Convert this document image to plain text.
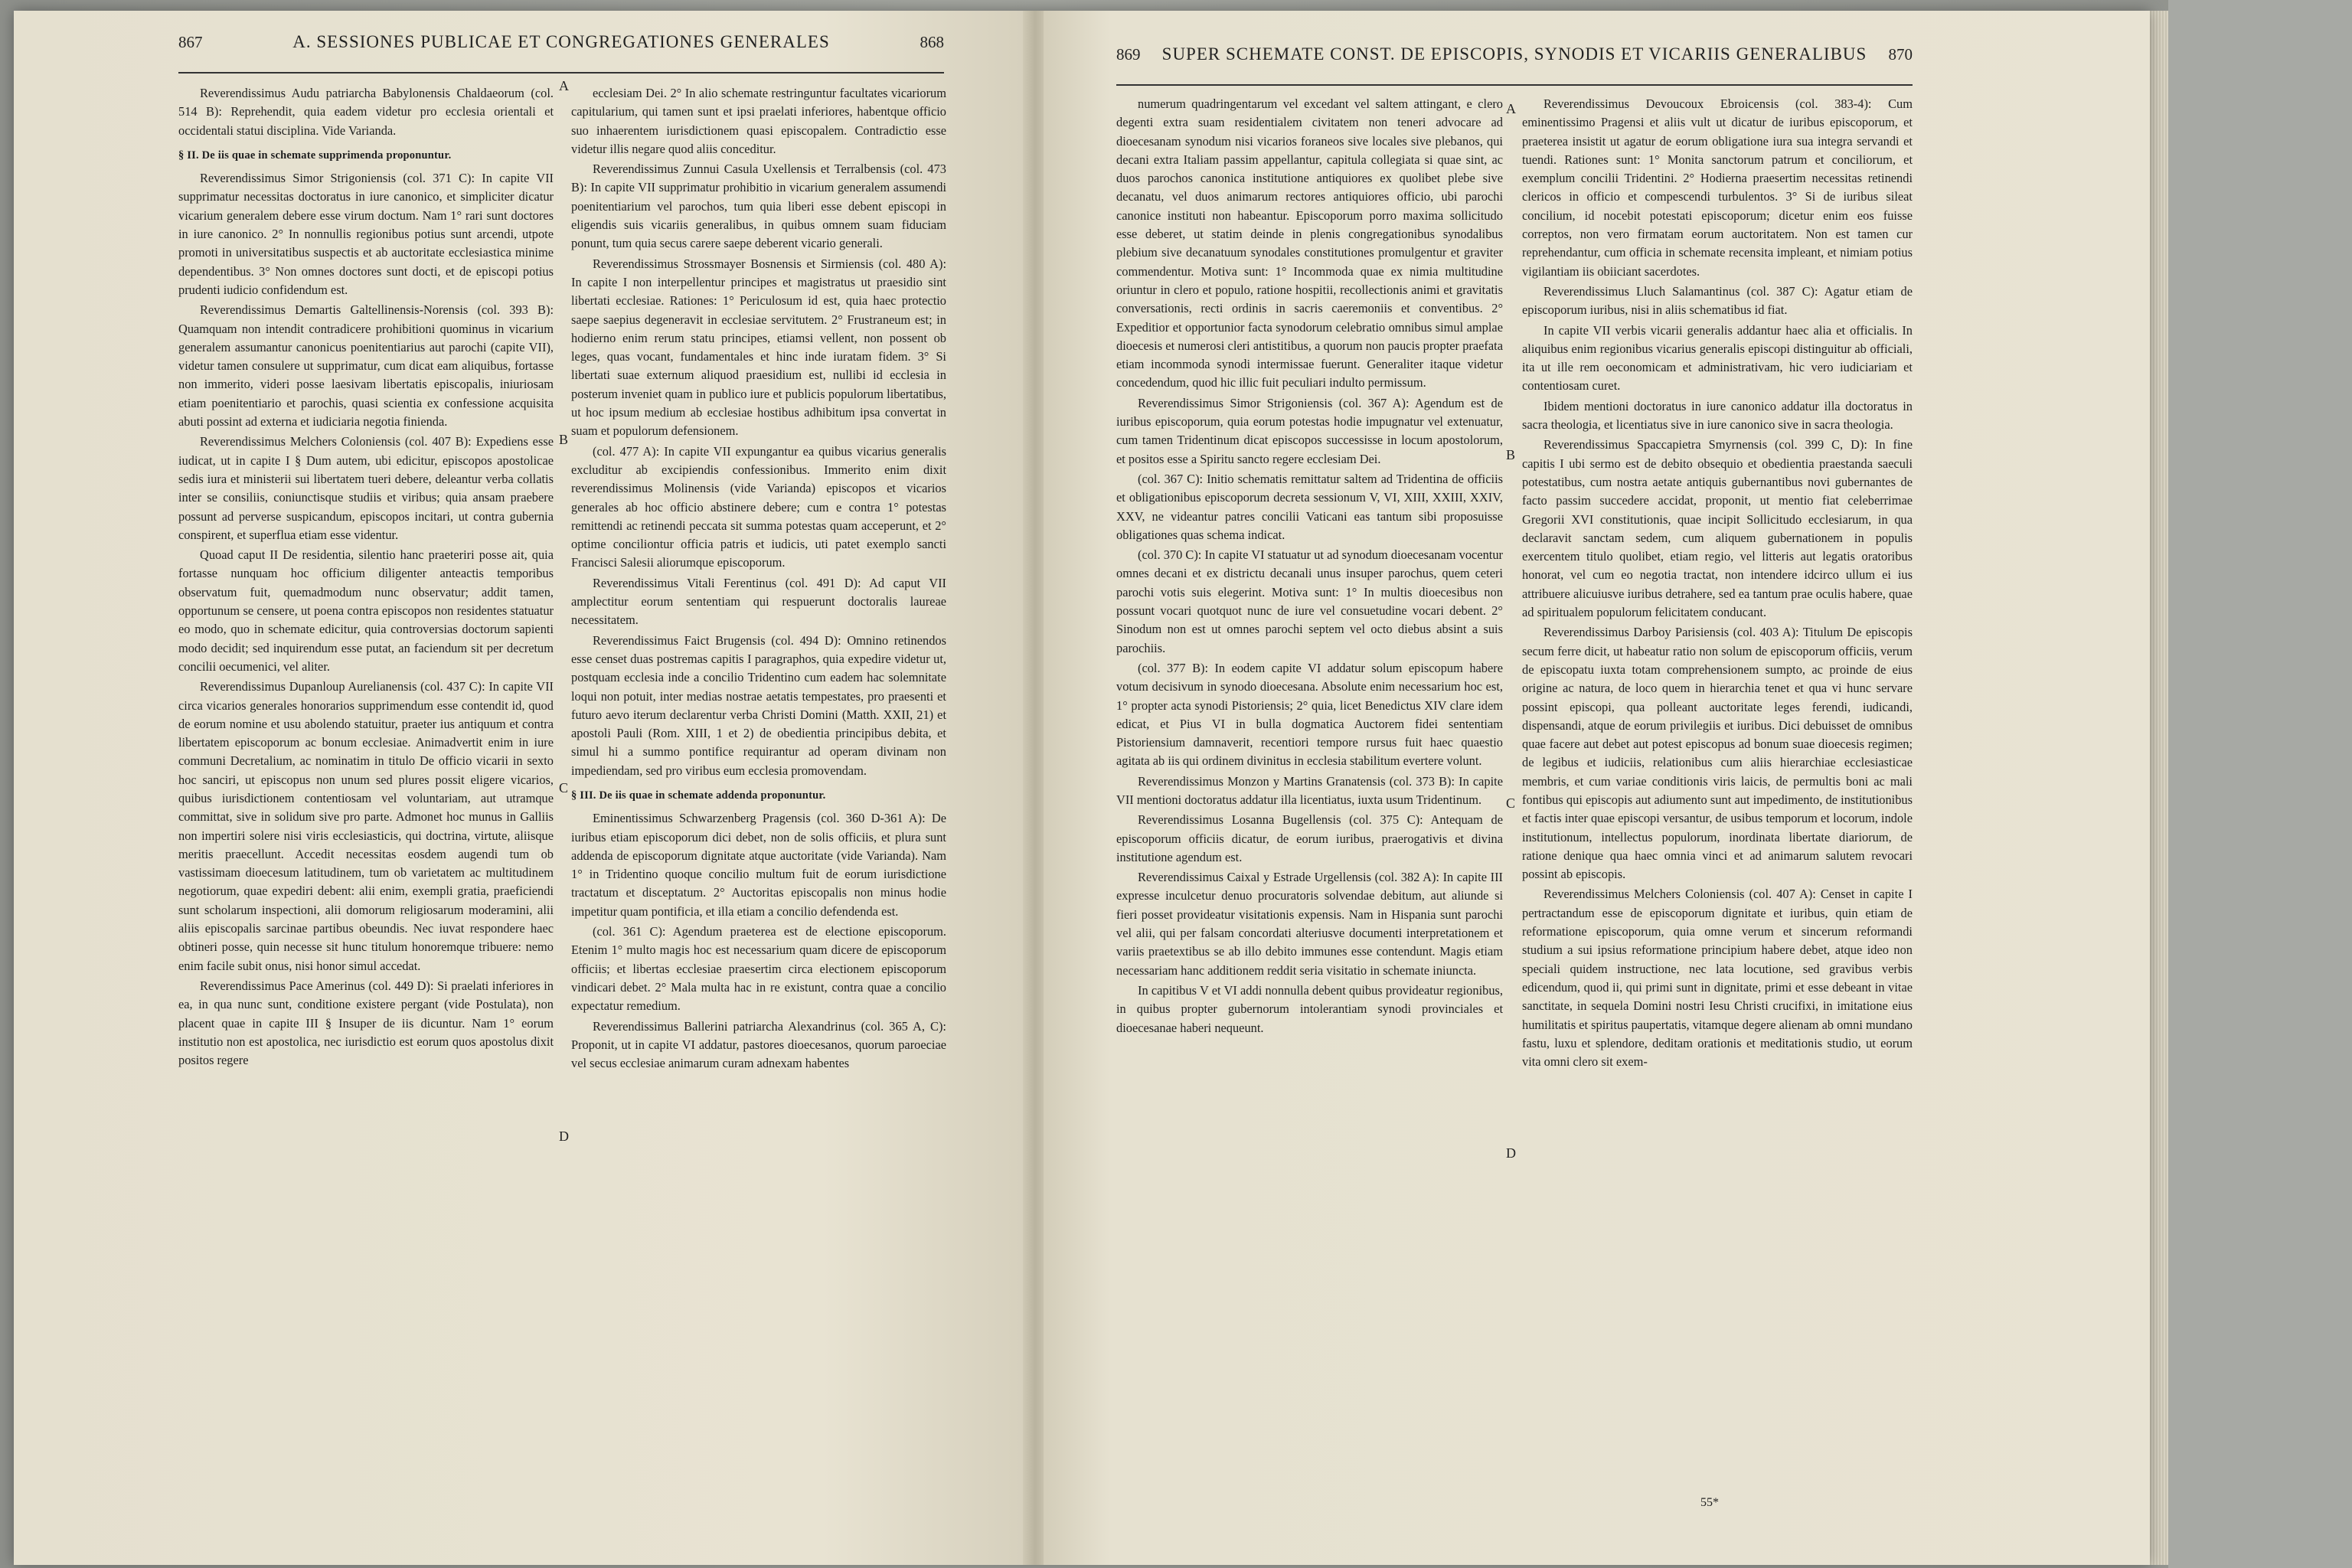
867	A. SESSIONES PUBLICAE ET CONGREGATIONES GENERALES	868

Reverendissimus Audu patriarcha Babylonensis Chaldaeorum (col. 514 B): Reprehendit, quia eadem videtur pro ecclesia orientali et occidentali statui disciplina. Vide Varianda.

§ II. De iis quae in schemate supprimenda proponuntur.

Reverendissimus Simor Strigoniensis (col. 371 C): In capite VII supprimatur necessitas doctoratus in iure canonico, et simpliciter dicatur vicarium generalem debere esse virum doctum. Nam 1° rari sunt doctores in iure canonico. 2° In nonnullis regionibus potius sunt arcendi, utpote promoti in universitatibus suspectis et ab auctoritate ecclesiastica minime dependentibus. 3° Non omnes doctores sunt docti, et de episcopi potius prudenti iudicio confidendum est.

Reverendissimus Demartis Galtellinensis-Norensis (col. 393 B): Quamquam non intendit contradicere prohibitioni quominus in vicarium generalem assumantur canonicus poenitentiarius aut parochi (capite VII), videtur tamen consulere ut supprimatur, cum dicat eam aliquibus, fortasse non immerito, videri posse laesivam libertatis episcopalis, iniuriosam etiam poenitentiario et parochis, quasi scientia ex confessione acquisita abuti possint ad externa et iudiciaria negotia finienda.

Reverendissimus Melchers Coloniensis (col. 407 B): Expediens esse iudicat, ut in capite I § Dum autem, ubi edicitur, episcopos apostolicae sedis iura et ministerii sui libertatem tueri debere, deleantur verba collatis inter se consiliis, coniunctisque studiis et viribus; quia ansam praebere possunt ad perverse suspicandum, episcopos incitari, ut contra gubernia conspirent, et superflua etiam esse videntur.

Quoad caput II De residentia, silentio hanc praeteriri posse ait, quia fortasse nunquam hoc officium diligenter anteactis temporibus observatum fuit, quemadmodum nunc observatur; addit tamen, opportunum se censere, ut poena contra episcopos non residentes statuatur eo modo, quo in schemate edicitur, quia controversias doctorum sapienti modo decidit; sed inquirendum esse putat, an faciendum sit per decretum concilii oecumenici, vel aliter.

Reverendissimus Dupanloup Aurelianensis (col. 437 C): In capite VII circa vicarios generales honorarios supprimendum esse contendit id, quod de eorum nomine et usu abolendo statuitur, praeter ius antiquum et contra libertatem episcoporum ac bonum ecclesiae. Animadvertit enim in iure communi Decretalium, ac nominatim in titulo De officio vicarii in sexto hoc sanciri, ut episcopus non unum sed plures possit eligere vicarios, quibus iurisdictionem contentiosam vel voluntariam, aut utramque committat, sive in solidum sive pro parte. Admonet hoc munus in Galliis non impertiri solere nisi viris ecclesiasticis, qui doctrina, virtute, aliisque meritis praecellunt. Accedit necessitas eosdem augendi tum ob vastissimam dioecesum latitudinem, tum ob varietatem ac multitudinem negotiorum, quae expediri debent: alii enim, exempli gratia, praeficiendi sunt scholarum inspectioni, alii domorum religiosarum moderamini, alii aliis episcopalis sarcinae partibus obeundis. Nec iuvat respondere haec obtineri posse, quin necesse sit hunc titulum honoremque tribuere: nemo enim facile subit onus, nisi honor simul accedat.

Reverendissimus Pace Amerinus (col. 449 D): Si praelati inferiores in ea, in qua nunc sunt, conditione existere pergant (vide Postulata), non placent quae in capite III § Insuper de iis dicuntur. Nam 1° eorum institutio non est apostolica, nec iurisdictio est eorum quos apostolus dixit positos regere

ecclesiam Dei. 2° In alio schemate restringuntur facultates vicariorum capitularium, qui tamen sunt et ipsi praelati inferiores, habentque officio suo inhaerentem iurisdictionem quasi episcopalem. Contradictio esse videtur illis negare quod aliis conceditur.

Reverendissimus Zunnui Casula Uxellensis et Terralbensis (col. 473 B): In capite VII supprimatur prohibitio in vicarium generalem assumendi poenitentiarium vel parochos, tum quia liberi esse debent episcopi in eligendis suis vicariis generalibus, in quibus omnem suam fiduciam ponunt, tum quia secus carere saepe deberent vicario generali.

Reverendissimus Strossmayer Bosnensis et Sirmiensis (col. 480 A): In capite I non interpellentur principes et magistratus ut praesidio sint libertati ecclesiae. Rationes: 1° Periculosum id est, quia haec protectio saepe saepius degeneravit in ecclesiae servitutem. 2° Frustraneum est; in hodierno enim rerum statu principes, etiamsi vellent, non possent ob leges, quas vocant, fundamentales et hinc inde iuratam fidem. 3° Si libertati suae externum aliquod praesidium est, nullibi id ecclesia in posterum inveniet quam in publico iure et publicis populorum libertatibus, ut hoc ipsum medium ab ecclesiae hostibus adhibitum ipsa convertat in suam et populorum defensionem.

(col. 477 A): In capite VII expungantur ea quibus vicarius generalis excluditur ab excipiendis confessionibus. Immerito enim dixit reverendissimus Molinensis (vide Varianda) episcopos et vicarios generales ab hoc officio abstinere debere; cum e contra 1° potestas remittendi ac retinendi peccata sit summa potestas quam acceperunt, et 2° optime conciliontur officia patris et iudicis, uti patet exemplo sancti Francisci Salesii aliorumque episcoporum.

Reverendissimus Vitali Ferentinus (col. 491 D): Ad caput VII amplectitur eorum sententiam qui respuerunt doctoralis laureae necessitatem.

Reverendissimus Faict Brugensis (col. 494 D): Omnino retinendos esse censet duas postremas capitis I paragraphos, quia expedire videtur ut, postquam ecclesia inde a concilio Tridentino cum eadem hac solemnitate loqui non potuit, inter medias nostrae aetatis tempestates, pro praesenti et futuro aevo iterum declarentur verba Christi Domini (Matth. XXII, 21) et apostoli Pauli (Rom. XIII, 1 et 2) de obedientia principibus debita, et simul hi a summo pontifice requirantur ad operam divinam non impediendam, sed pro viribus eum ecclesia promovendam.

§ III. De iis quae in schemate addenda proponuntur.

Eminentissimus Schwarzenberg Pragensis (col. 360 D-361 A): De iuribus etiam episcoporum dici debet, non de solis officiis, et plura sunt addenda de episcoporum dignitate atque auctoritate (vide Varianda). Nam 1° in Tridentino quoque concilio multum fuit de eorum iurisdictione tractatum et disceptatum. 2° Auctoritas episcopalis non minus hodie impetitur quam pontificia, et illa etiam a concilio defendenda est.

(col. 361 C): Agendum praeterea est de electione episcoporum. Etenim 1° multo magis hoc est necessarium quam dicere de episcoporum officiis; et libertas ecclesiae praesertim circa electionem episcoporum vindicari debet. 2° Mala multa hac in re existunt, contra quae a concilio expectatur remedium.

Reverendissimus Ballerini patriarcha Alexandrinus (col. 365 A, C): Proponit, ut in capite VI addatur, pastores dioecesanos, quorum paroeciae vel secus ecclesiae animarum curam adnexam habentes

A
B
C
D
869	SUPER SCHEMATE CONST. DE EPISCOPIS, SYNODIS ET VICARIIS GENERALIBUS	870

numerum quadringentarum vel excedant vel saltem attingant, e clero degenti extra suam residentialem civitatem non teneri advocare ad dioecesanam synodum nisi vicarios foraneos sive locales sive plebanos, qui decani extra Italiam passim appellantur, capitula collegiata si quae sint, ac duos parochos canonica institutione antiquiores ex quolibet plebe sive decanatu, vel duos animarum rectores antiquiores officio, ubi parochi canonice instituti non habeantur. Episcoporum porro maxima sollicitudo esse deberet, ut statim deinde in plenis congregationibus synodalibus plebium sive decanatuum synodales constitutiones promulgentur et graviter commendentur. Motiva sunt: 1° Incommoda quae ex nimia multitudine oriuntur in clero et populo, ratione hospitii, recollectionis animi et gravitatis conversationis, recti ordinis in sacris caeremoniis et conventibus. 2° Expeditior et opportunior facta synodorum celebratio omnibus simul amplae dioecesis et numerosi cleri antistitibus, a quorum non paucis propter praefata etiam incommoda synodi intermissae fuerunt. Generaliter itaque videtur concedendum, quod hic illic fuit peculiari indulto permissum.

Reverendissimus Simor Strigoniensis (col. 367 A): Agendum est de iuribus episcoporum, quia eorum potestas hodie impugnatur vel extenuatur, cum tamen Tridentinum dicat episcopos successisse in locum apostolorum, et positos esse a Spiritu sancto regere ecclesiam Dei.

(col. 367 C): Initio schematis remittatur saltem ad Tridentina de officiis et obligationibus episcoporum decreta sessionum V, VI, XIII, XXIII, XXIV, XXV, ne videantur patres concilii Vaticani eas tantum sibi proposuisse obligationes quas schema indicat.

(col. 370 C): In capite VI statuatur ut ad synodum dioecesanam vocentur omnes decani et ex districtu decanali unus insuper parochus, quem ceteri parochi votis suis elegerint. Motiva sunt: 1° In multis dioecesibus non possunt vocari quotquot nunc de iure vel consuetudine vocari debent. 2° Sinodum non est ut omnes parochi septem vel octo diebus absint a suis parochiis.

(col. 377 B): In eodem capite VI addatur solum episcopum habere votum decisivum in synodo dioecesana. Absolute enim necessarium hoc est, 1° propter acta synodi Pistoriensis; 2° quia, licet Benedictus XIV clare idem edicat, et Pius VI in bulla dogmatica Auctorem fidei sententiam Pistoriensium damnaverit, recentiori tempore rursus fuit haec quaestio agitata ab iis qui ordinem divinitus in ecclesia stabilitum evertere volunt.

Reverendissimus Monzon y Martins Granatensis (col. 373 B): In capite VII mentioni doctoratus addatur illa licentiatus, iuxta usum Tridentinum.

Reverendissimus Losanna Bugellensis (col. 375 C): Antequam de episcoporum officiis dicatur, de eorum iuribus, praerogativis et divina institutione agendum est.

Reverendissimus Caixal y Estrade Urgellensis (col. 382 A): In capite III expresse inculcetur denuo procuratoris solvendae debitum, aut aliunde si fieri posset provideatur visitationis expensis. Nam in Hispania sunt parochi vel alii, qui per falsam concordati alteriusve documenti interpretationem et variis praetextibus se ab illo debito immunes esse contendunt. Magis etiam necessariam hanc additionem reddit seria visitatio in schemate iniuncta.

In capitibus V et VI addi nonnulla debent quibus provideatur regionibus, in quibus propter gubernorum intolerantiam synodi provinciales et dioecesanae haberi nequeunt.

Reverendissimus Devoucoux Ebroicensis (col. 383-4): Cum eminentissimo Pragensi et aliis vult ut dicatur de iuribus episcoporum, et praeterea insistit ut agatur de eorum obligatione iura sua integra servandi et tuendi. Rationes sunt: 1° Monita sanctorum patrum et conciliorum, et exemplum concilii Tridentini. 2° Hodierna praesertim necessitas retinendi clericos in officio et compescendi turbulentos. 3° Si de iuribus sileat concilium, id nocebit potestati episcoporum; dicetur enim eos fuisse correptos, non vero firmatam eorum auctoritatem. Non est tamen cur reprehendantur, cum officia in schemate recensita impleant, et nimiam potius vigilantiam iis obiiciant sacerdotes.

Reverendissimus Lluch Salamantinus (col. 387 C): Agatur etiam de episcoporum iuribus, nisi in aliis schematibus id fiat.

In capite VII verbis vicarii generalis addantur haec alia et officialis. In aliquibus enim regionibus vicarius generalis episcopi distinguitur ab officiali, ita ut ille rem oeconomicam et administrativam, hic vero iudiciariam et contentiosam curet.

Ibidem mentioni doctoratus in iure canonico addatur illa doctoratus in sacra theologia, et licentiatus sive in iure canonico sive in sacra theologia.

Reverendissimus Spaccapietra Smyrnensis (col. 399 C, D): In fine capitis I ubi sermo est de debito obsequio et obedientia praestanda saeculi potestatibus, cum nostra aetate antiquis gubernantibus novi gubernantes de facto passim succedere accidat, proponit, ut mentio fiat celeberrimae Gregorii XVI constitutionis, quae incipit Sollicitudo ecclesiarum, in qua declaravit sanctam sedem, cum aliquem gubernationem in populis exercentem titulo quolibet, etiam regio, vel litteris aut legatis oratoribus honorat, vel cum eo negotia tractat, non intendere idcirco ullum ei ius attribuere alicuiusve iuribus detrahere, sed ea tantum prae oculis habere, quae ad spiritualem populorum felicitatem conducant.

Reverendissimus Darboy Parisiensis (col. 403 A): Titulum De episcopis secum ferre dicit, ut habeatur ratio non solum de episcoporum officiis, verum de episcopatu iuxta totam comprehensionem sumpto, ac proinde de eius origine ac natura, de loco quem in hierarchia tenet et qua vi hunc servare possint episcopi, qua polleant auctoritate leges ferendi, iudicandi, dispensandi, atque de eorum privilegiis et iuribus. Dici debuisset de omnibus quae facere aut debet aut potest episcopus ad bonum suae dioecesis regimen; de legibus et iudiciis, relationibus cum aliis hierarchiae ecclesiasticae membris, et cum variae conditionis viris laicis, de permultis boni ac mali fontibus qui episcopis aut adiumento sunt aut impedimento, de institutionibus et factis inter quae episcopi versantur, de usibus temporum et locorum, indole institutionum, intellectus populorum, inordinata libertate diariorum, de ratione denique qua haec omnia vinci et ad animarum salutem revocari possint ab episcopis.

Reverendissimus Melchers Coloniensis (col. 407 A): Censet in capite I pertractandum esse de episcoporum dignitate et iuribus, quin etiam de reformatione episcoporum, quia omne verum et sincerum reformandi studium a sui ipsius reformatione principium habere debet, atque ideo non speciali quidem instructione, nec lata locutione, sed gravibus verbis edicendum, quod ii, qui primi sunt in dignitate, primi et esse debeant in vitae sanctitate, in sequela Domini nostri Iesu Christi crucifixi, in imitatione eius humilitatis et spiritus paupertatis, vitamque degere alienam ab omni mundano fastu, luxu et splendore, deditam orationis et meditationis studio, ut eorum vita omni clero sit exem-

A
B
C
D
55*
